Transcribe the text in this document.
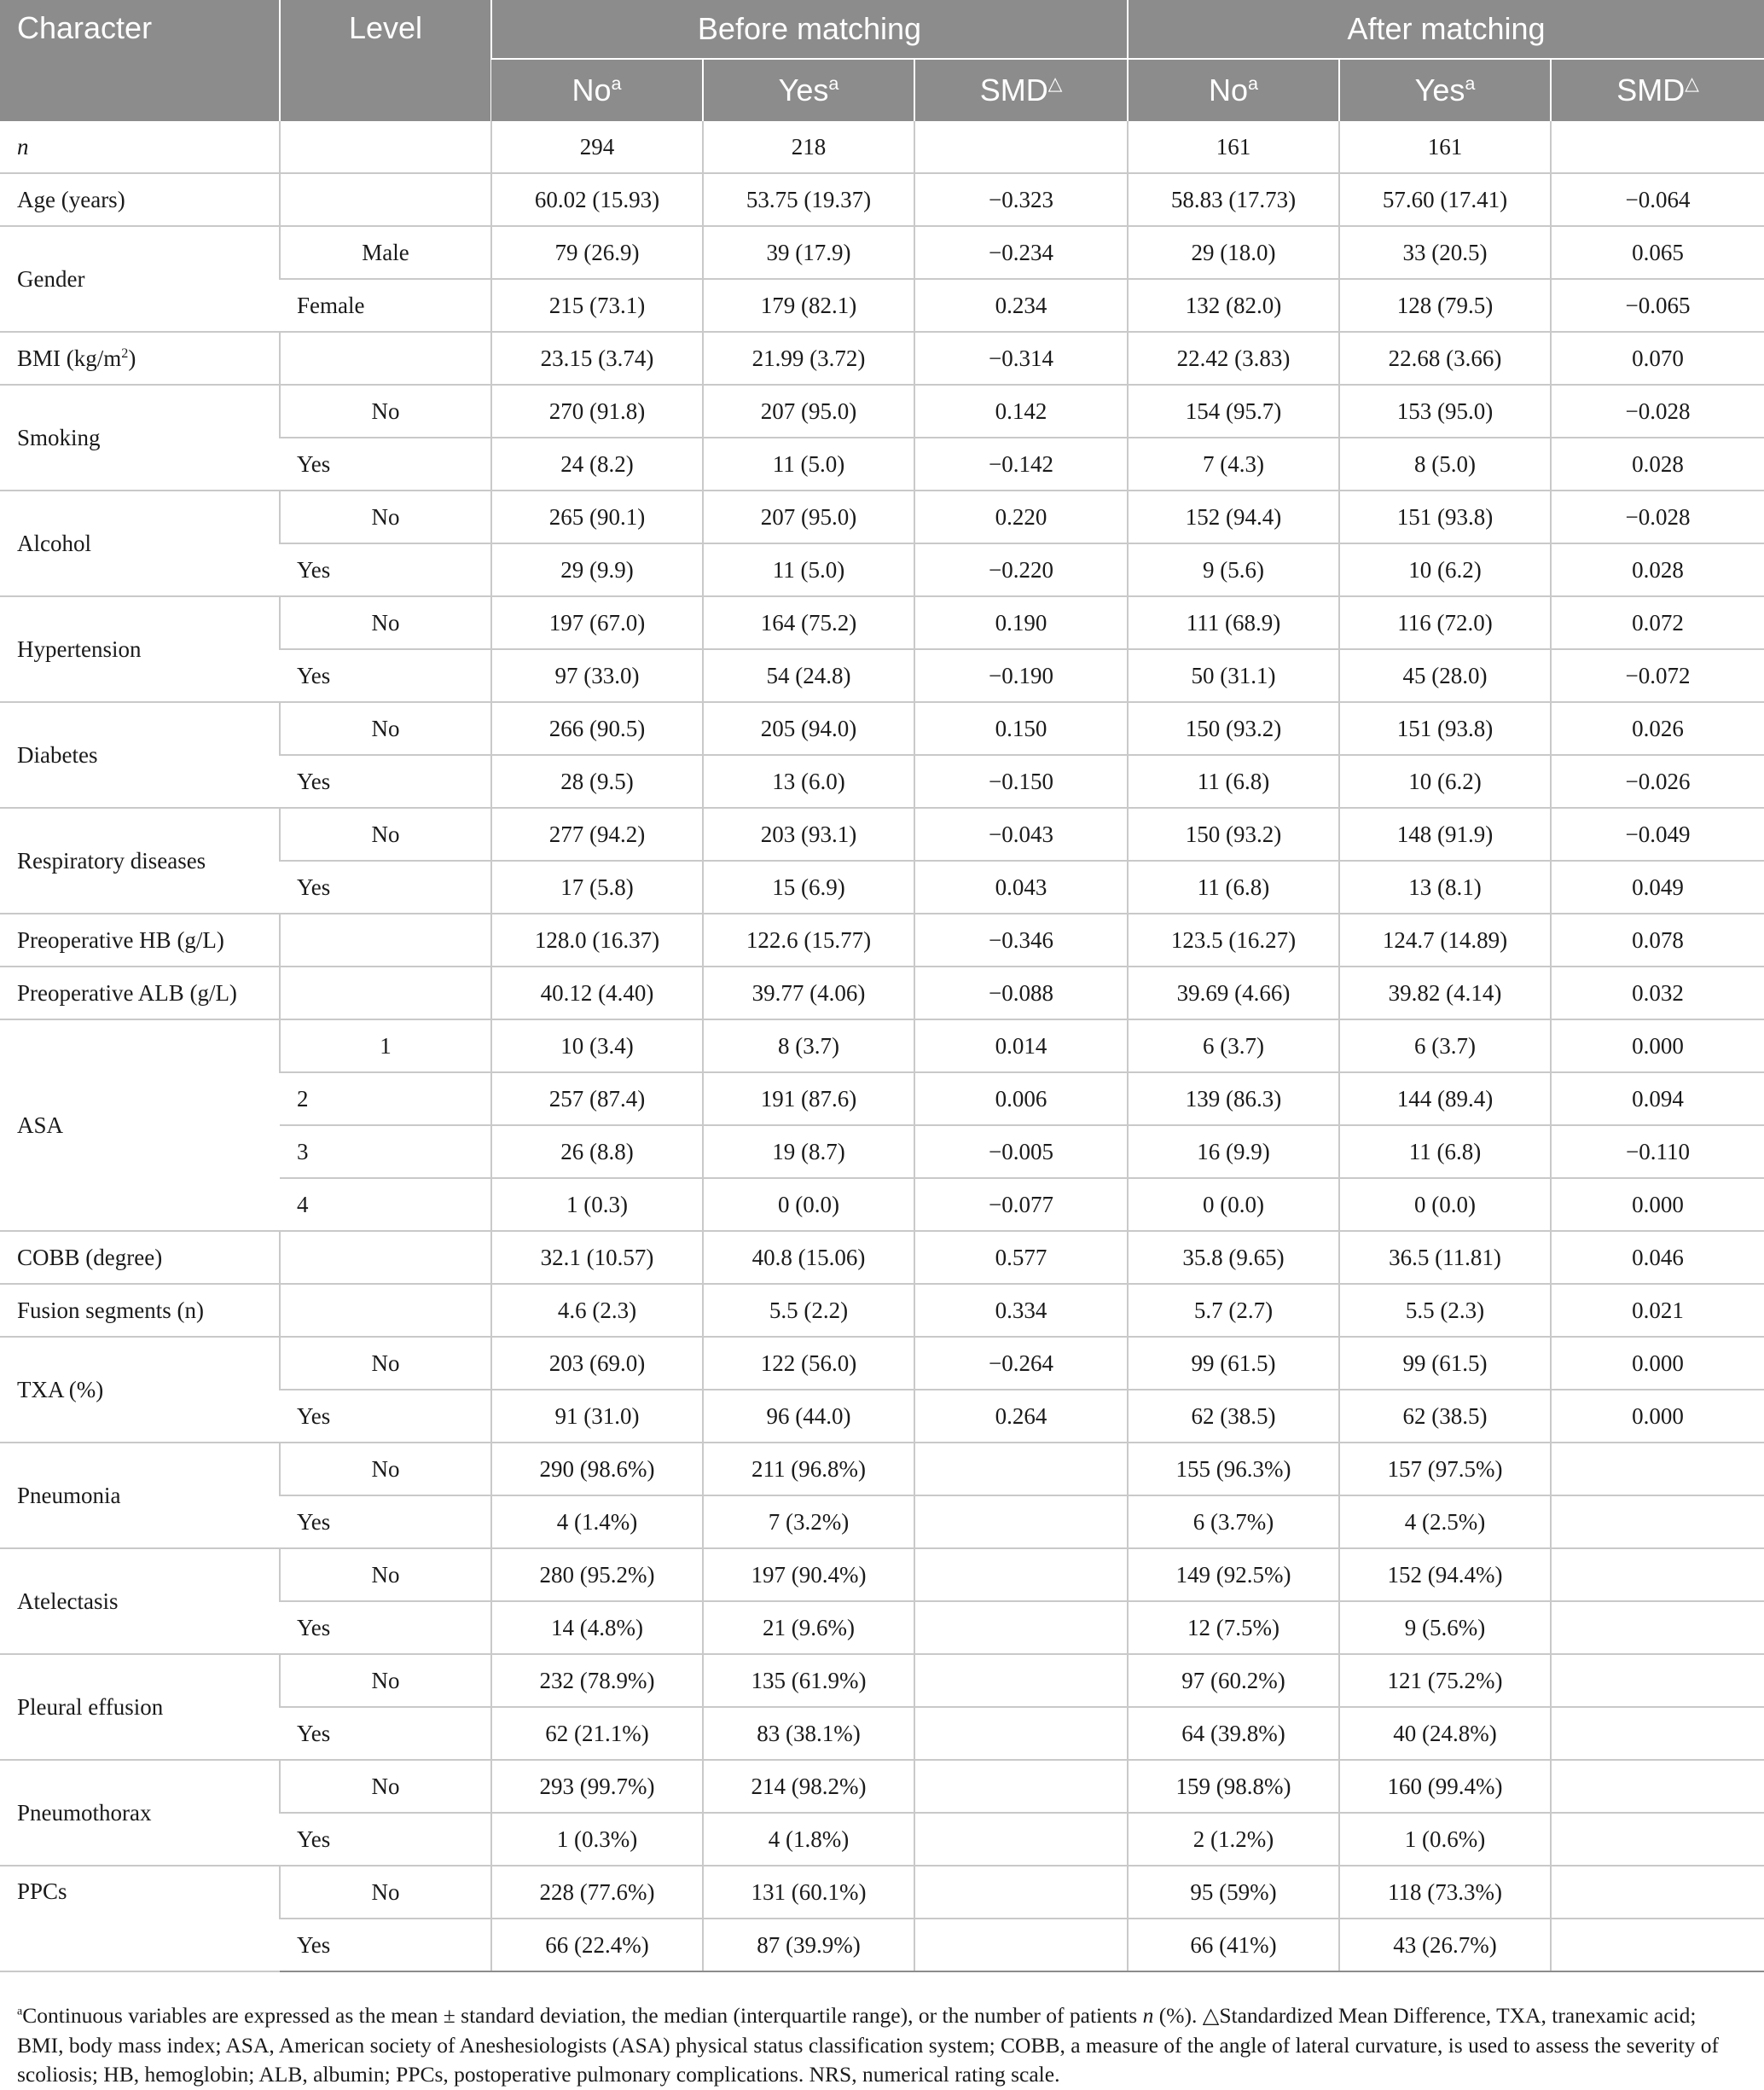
Character	Level	Before matching			After matching		
		No$^a$	Yes$^a$	SMD△	No$^a$	Yes$^a$	SMD△
n		294	218		161	161	
Age (years)		60.02 (15.93)	53.75 (19.37)	−0.323	58.83 (17.73)	57.60 (17.41)	−0.064
Gender	Male	79 (26.9)	39 (17.9)	−0.234	29 (18.0)	33 (20.5)	0.065
	Female	215 (73.1)	179 (82.1)	0.234	132 (82.0)	128 (79.5)	−0.065
BMI $(kg/m^2)$		23.15 (3.74)	21.99 (3.72)	−0.314	22.42 (3.83)	22.68 (3.66)	0.070
Smoking	No	270 (91.8)	207 (95.0)	0.142	154 (95.7)	153 (95.0)	−0.028
	Yes	24 (8.2)	11 (5.0)	−0.142	7 (4.3)	8 (5.0)	0.028
Alcohol	No	265 (90.1)	207 (95.0)	0.220	152 (94.4)	151 (93.8)	−0.028
	Yes	29 (9.9)	11 (5.0)	−0.220	9 (5.6)	10 (6.2)	0.028
Hypertension	No	197 (67.0)	164 (75.2)	0.190	111 (68.9)	116 (72.0)	0.072
	Yes	97 (33.0)	54 (24.8)	−0.190	50 (31.1)	45 (28.0)	−0.072
Diabetes	No	266 (90.5)	205 (94.0)	0.150	150 (93.2)	151 (93.8)	0.026
	Yes	28 (9.5)	13 (6.0)	−0.150	11 (6.8)	10 (6.2)	−0.026
Respiratory diseases	No	277 (94.2)	203 (93.1)	−0.043	150 (93.2)	148 (91.9)	−0.049
	Yes	17 (5.8)	15 (6.9)	0.043	11 (6.8)	13 (8.1)	0.049
Preoperative HB (g/L)		128.0 (16.37)	122.6 (15.77)	−0.346	123.5 (16.27)	124.7 (14.89)	0.078
Preoperative ALB (g/L)		40.12 (4.40)	39.77 (4.06)	−0.088	39.69 (4.66)	39.82 (4.14)	0.032
ASA	1	10 (3.4)	8 (3.7)	0.014	6 (3.7)	6 (3.7)	0.000
	2	257 (87.4)	191 (87.6)	0.006	139 (86.3)	144 (89.4)	0.094
	3	26 (8.8)	19 (8.7)	−0.005	16 (9.9)	11 (6.8)	−0.110
	4	1 (0.3)	0 (0.0)	−0.077	0 (0.0)	0 (0.0)	0.000
COBB (degree)		32.1 (10.57)	40.8 (15.06)	0.577	35.8 (9.65)	36.5 (11.81)	0.046
Fusion segments (n)		4.6 (2.3)	5.5 (2.2)	0.334	5.7 (2.7)	5.5 (2.3)	0.021
TXA (%)	No	203 (69.0)	122 (56.0)	−0.264	99 (61.5)	99 (61.5)	0.000
	Yes	91 (31.0)	96 (44.0)	0.264	62 (38.5)	62 (38.5)	0.000
Pneumonia	No	290 (98.6%)	211 (96.8%)		155 (96.3%)	157 (97.5%)	
	Yes	4 (1.4%)	7 (3.2%)		6 (3.7%)	4 (2.5%)	
Atelectasis	No	280 (95.2%)	197 (90.4%)		149 (92.5%)	152 (94.4%)	
	Yes	14 (4.8%)	21 (9.6%)		12 (7.5%)	9 (5.6%)	
Pleural effusion	No	232 (78.9%)	135 (61.9%)		97 (60.2%)	121 (75.2%)	
	Yes	62 (21.1%)	83 (38.1%)		64 (39.8%)	40 (24.8%)	
Pneumothorax	No	293 (99.7%)	214 (98.2%)		159 (98.8%)	160 (99.4%)	
	Yes	1 (0.3%)	4 (1.8%)		2 (1.2%)	1 (0.6%)	
PPCs	No	228 (77.6%)	131 (60.1%)		95 (59%)	118 (73.3%)	
	Yes	66 (22.4%)	87 (39.9%)		66 (41%)	43 (26.7%)	
$^a$Continuous variables are expressed as the mean ± standard deviation, the median (interquartile range), or the number of patients n (%). △Standardized Mean Difference, TXA, tranexamic acid; BMI, body mass index; ASA, American society of Aneshesiologists (ASA) physical status classification system; COBB, a measure of the angle of lateral curvature, is used to assess the severity of scoliosis; HB, hemoglobin; ALB, albumin; PPCs, postoperative pulmonary complications. NRS, numerical rating scale.
